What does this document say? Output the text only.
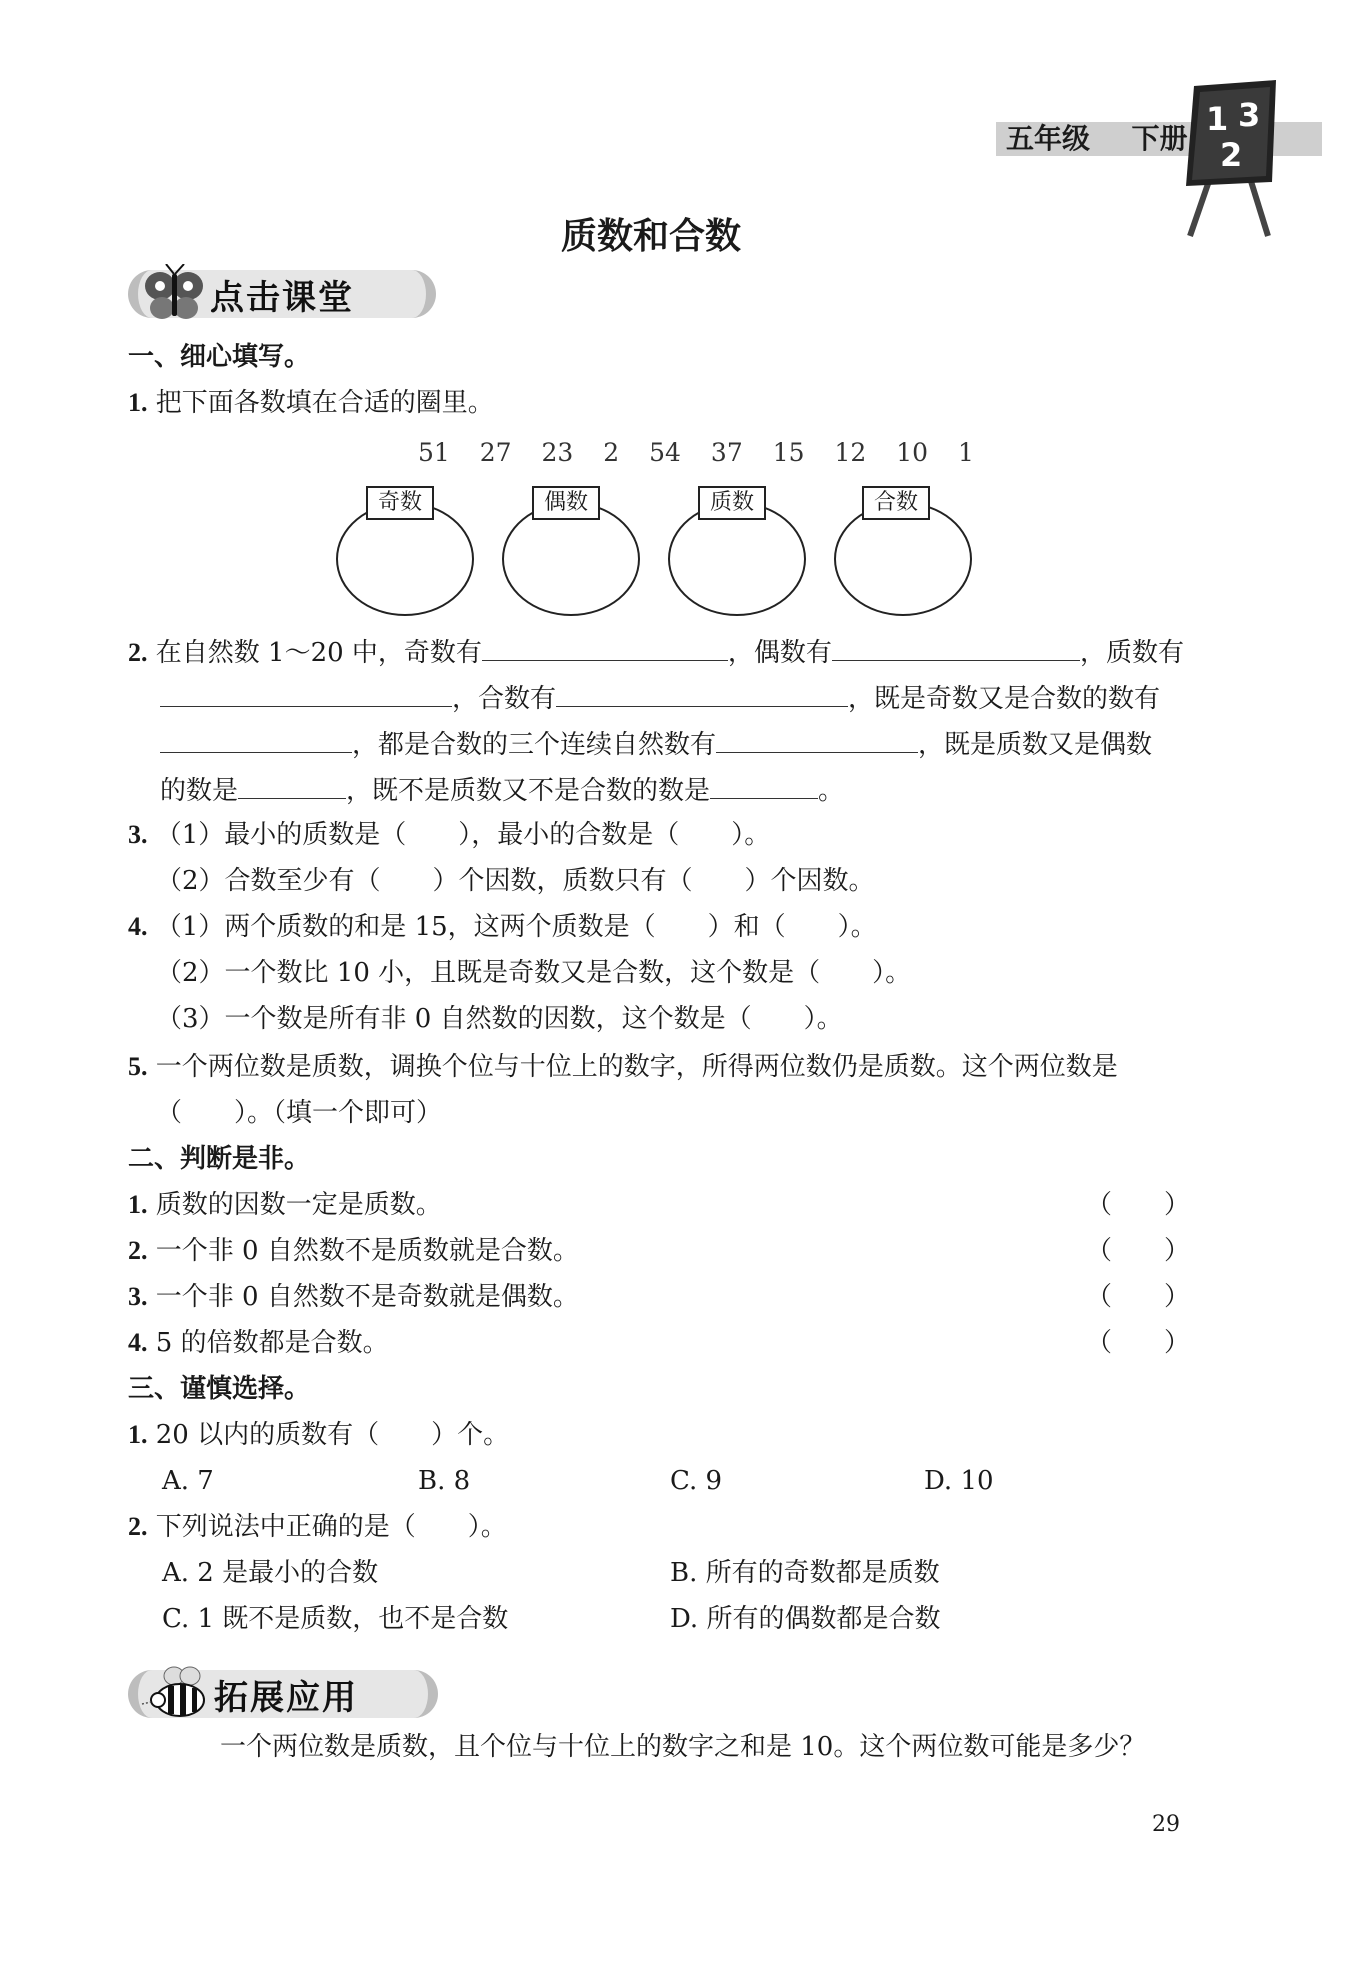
五年级 下册
1 3
2
质数和合数
点击课堂
一、细心填写。
1. 把下面各数填在合适的圈里。
51 27 23 2 54 37 15 12 10 1
奇数	偶数	质数	合数
2. 在自然数 1～20 中，奇数有	，偶数有	，质数有
，合数有	，既是奇数又是合数的数有
，都是合数的三个连续自然数有	，既是质数又是偶数
的数是	，既不是质数又不是合数的数是	。
3. （1）最小的质数是（　　），最小的合数是（　　）。
（2）合数至少有（　　）个因数，质数只有（　　）个因数。
4. （1）两个质数的和是 15，这两个质数是（　　）和（　　）。
（2）一个数比 10 小，且既是奇数又是合数，这个数是（　　）。
（3）一个数是所有非 0 自然数的因数，这个数是（　　）。
5. 一个两位数是质数，调换个位与十位上的数字，所得两位数仍是质数。这个两位数是
（　　）。（填一个即可）
二、判断是非。
1. 质数的因数一定是质数。	（　　）
2. 一个非 0 自然数不是质数就是合数。	（　　）
3. 一个非 0 自然数不是奇数就是偶数。	（　　）
4. 5 的倍数都是合数。	（　　）
三、谨慎选择。
1. 20 以内的质数有（　　）个。
A. 7	B. 8	C. 9	D. 10
2. 下列说法中正确的是（　　）。
A. 2 是最小的合数	B. 所有的奇数都是质数
C. 1 既不是质数，也不是合数	D. 所有的偶数都是合数
拓展应用
一个两位数是质数，且个位与十位上的数字之和是 10。这个两位数可能是多少？
29
